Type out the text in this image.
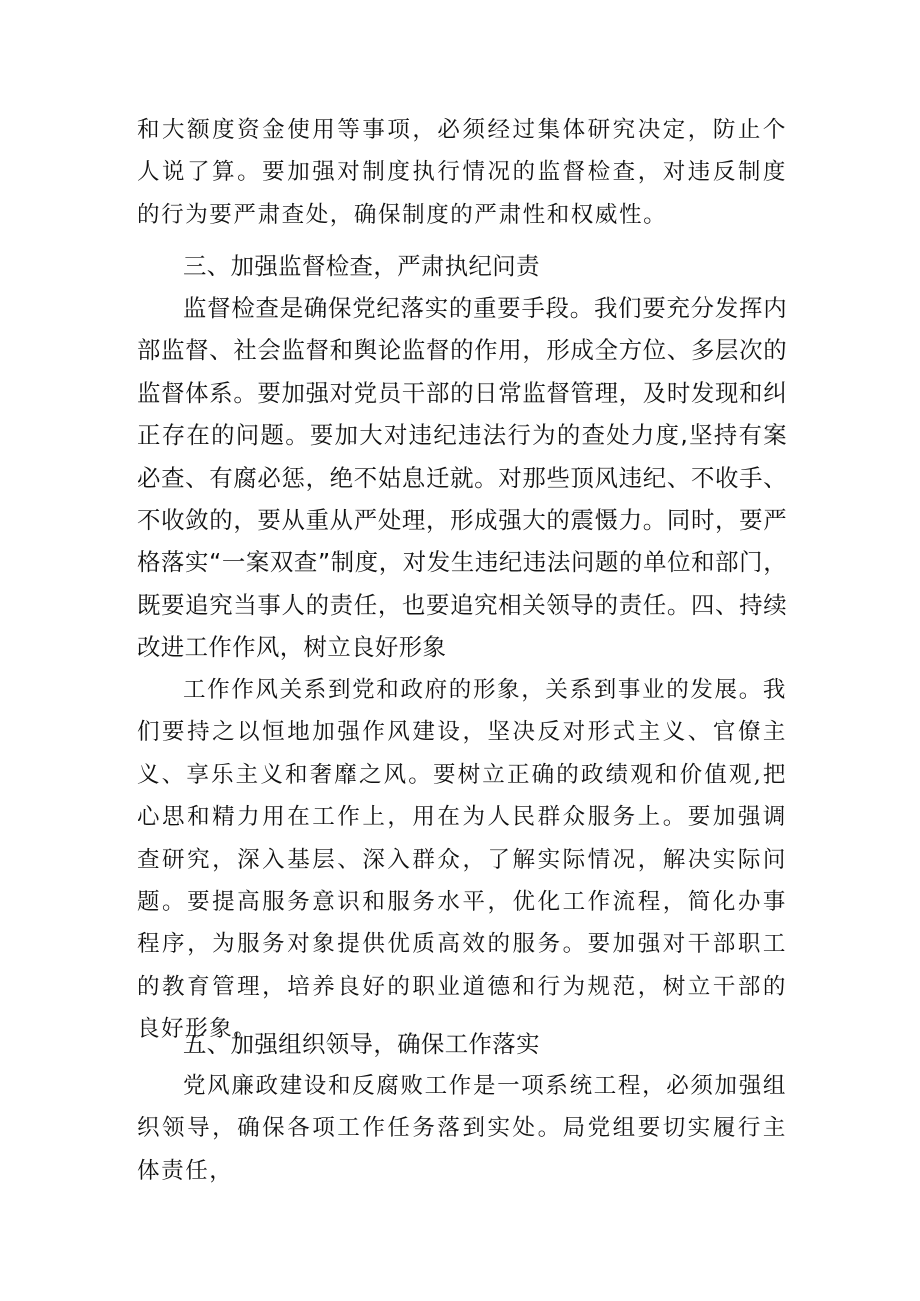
和大额度资金使用等事项，必须经过集体研究决定，防止个人说了算。要加强对制度执行情况的监督检查，对违反制度的行为要严肃查处，确保制度的严肃性和权威性。

三、加强监督检查，严肃执纪问责

监督检查是确保党纪落实的重要手段。我们要充分发挥内部监督、社会监督和舆论监督的作用，形成全方位、多层次的监督体系。要加强对党员干部的日常监督管理，及时发现和纠正存在的问题。要加大对违纪违法行为的查处力度,坚持有案必查、有腐必惩，绝不姑息迁就。对那些顶风违纪、不收手、不收敛的，要从重从严处理，形成强大的震慑力。同时，要严格落实“一案双查”制度，对发生违纪违法问题的单位和部门，既要追究当事人的责任，也要追究相关领导的责任。四、持续改进工作作风，树立良好形象

工作作风关系到党和政府的形象，关系到事业的发展。我们要持之以恒地加强作风建设，坚决反对形式主义、官僚主义、享乐主义和奢靡之风。要树立正确的政绩观和价值观,把心思和精力用在工作上，用在为人民群众服务上。要加强调查研究，深入基层、深入群众，了解实际情况，解决实际问题。要提高服务意识和服务水平，优化工作流程，简化办事程序，为服务对象提供优质高效的服务。要加强对干部职工的教育管理，培养良好的职业道德和行为规范，树立干部的良好形象。

五、加强组织领导，确保工作落实

党风廉政建设和反腐败工作是一项系统工程，必须加强组织领导，确保各项工作任务落到实处。局党组要切实履行主体责任，
